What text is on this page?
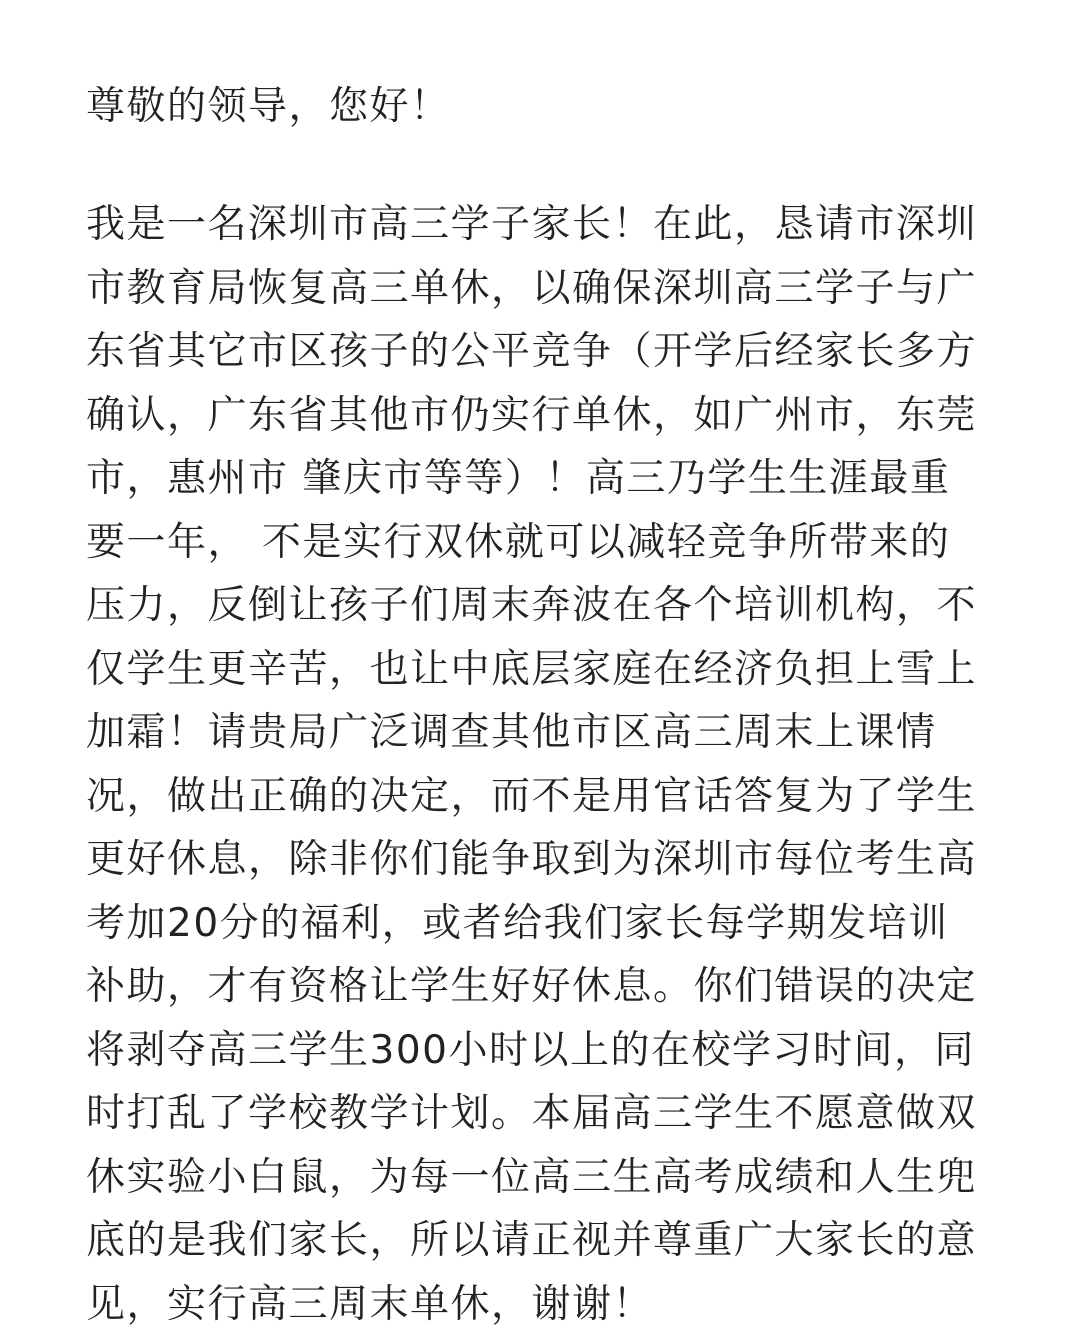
尊敬的领导，您好！

我是一名深圳市高三学子家长！在此，恳请市深圳
市教育局恢复高三单休，以确保深圳高三学子与广
东省其它市区孩子的公平竞争（开学后经家长多方
确认，广东省其他市仍实行单休，如广州市，东莞
市，惠州市 肇庆市等等）！高三乃学生生涯最重
要一年， 不是实行双休就可以减轻竞争所带来的
压力，反倒让孩子们周末奔波在各个培训机构，不
仅学生更辛苦，也让中底层家庭在经济负担上雪上
加霜！请贵局广泛调查其他市区高三周末上课情
况，做出正确的决定，而不是用官话答复为了学生
更好休息，除非你们能争取到为深圳市每位考生高
考加20分的福利，或者给我们家长每学期发培训
补助，才有资格让学生好好休息。你们错误的决定
将剥夺高三学生300小时以上的在校学习时间，同
时打乱了学校教学计划。本届高三学生不愿意做双
休实验小白鼠，为每一位高三生高考成绩和人生兜
底的是我们家长，所以请正视并尊重广大家长的意
见，实行高三周末单休，谢谢！
